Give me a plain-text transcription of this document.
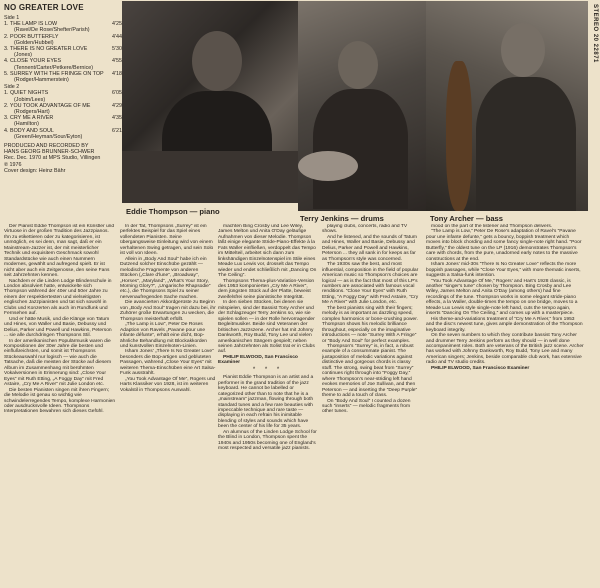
NO GREATER LOVE
Side 1
1. THE LAMP IS LOW	4'25
(Ravel/De Rose/Shefter/Parish)
2. POOR BUTTERFLY	4'44
(Golden/Hubbel)
3. THERE IS NO GREATER LOVE	5'30
(Jones)
4. CLOSE YOUR EYES	4'55
(Tennent/Carter/Petkere/Bernice)
5. SURREY WITH THE FRINGE ON TOP	4'18
(Rodger/Hammerstein)
Side 2
1. QUIET NIGHTS	6'05
(Jobim/Lees)
2. YOU TOOK ADVANTAGE OF ME	4'29
(Rodgers/Hart)
3. CRY ME A RIVER	4'35
(Hamilton)
4. BODY AND SOUL	6'21
(Green/Heyman/Sour/Eyton)
PRODUCED AND RECORDED BY
HANS GEORG BRUNNER-SCHWER
Rec. Dec. 1970 at MPS Studio, Villingen
℗ 1976
Cover design: Heinz Bähr
Eddie Thompson — piano
Terry Jenkins — drums	Tony Archer — bass

Der Pianist Eddie Thompson ist ein Künstler und Virtuose in der großen Tradition des Jazzpianos. Ihn zu etikettieren oder zu kategorisieren, ist unmöglich, es sei denn, man sagt, daß er ein Mainstream-Jazzer ist, der mit meisterlicher Technik und exquisitem Geschmack sowohl Standardstücke wie auch einen Nummern modernes, gewählt und aufregend spielt. Er ist nicht aber auch ein Zeitgenosse, den seine Fans seit Jahrzehnten kennen.

Nachdem er die Linden Lodge Blindenschule in London absolviert hatte, entwickelte sich Thompson während der 40er und 50er Jahre zu einem der respektiertesten und vielseitigsten englischen Jazzpianisten und tat sich sowohl in Clubs und Konzerten als auch im Rundfunk und Fernsehen auf.

Und er hätte Musik, und die Klänge von Tatum und Hines, von Waller und Basie, Debussy und Delius, Parker und Powell und Hawkins, Peterson ... sie alle durchdringen Thompsons Stil.

In der amerikanischen Populärmusik waren die Kompositionen der 30er Jahre die besten und einflußreichsten, und somit ist Thompsons Stückeauswahl nur logisch — wie auch die Tatsache, daß die meisten der Stücke auf diesem Album im Zusammenhang mit berühmten Vokalversionen in Erinnerung sind: „Close Your Eyes“ mit Ruth Etting, „A Foggy Day“ mit Fred Astaire, „Cry Me A River“ mit Julie London etc.

Die besten Pianisten singen mit ihren Fingern; die Melodie ist genau so wichtig wie schwindelerregendes Tempo, komplexe Harmonien oder ausdrucksvolle Ideen. Thompsons Interpretationen bewahren sich dieses Gefühl.

In der Tat, Thompsons „Surrey“ ist ein perfektes Beispiel für das Spiel eines vollendeten Pianisten. Seine übergangsweise Einleitung wird von einem verhaltenen Swing getragen, und sein Solo ist voll von Ideen.

Allein in „Body And Soul“ habe ich ein Dutzend solcher Einschübe gezählt — melodische Fragmente von anderen Stücken („Clare d'lune“, „Broadway“, „Horses“, „Maryland“, „What's Your Story, Morning Glory?“, „Ungarische Rhapsodie“ etc.), die Thompsons Spiel zu seiner nervenaufregenden Sache machen.

Die avancierten Akkordgerüste zu Beginn von „Body And Soul“ tragen mit dazu bei, ihr Zuhörer große Erwartungen zu wecken, die Thompson meisterhaft erfüllt.

„The Lamp is Low“, Peter De Roses Adaption von Ravels „Pavane pour une infante défunte“, erhält eine dicht, Bop-ähnliche Behandlung mit Blockakkorden und kunstvollen Einzelnoten-Linien.

Isham Jones' „There Is No Greater Love“ besonders die Bop-artigen und gebluteten Passagen, während „Close Your Eyes“ mit weiteren Thema-Einschüben eine Art Salsa-Funk ausstrahlt.

„You Took Advantage Of Me“, Rogers und Harts Klassiker von 1928, ist im weiteren Vokalstil in Thompsons Auswahl.

machten Bing Crosby und Lee Wiley, James Melton und Anita O'Day geläufige Aufnahmen von dieser Melodie. Thompson läßt einige elegante Stride-Piano-Effekte à la Fats Waller einfließen, verdoppelt das Tempo im Mittelteil, arbeitet sich dann zum linkshändigen Einzelnotenspiel im Stile eines Meade Lux Lewis vor, drosselt das Tempo wieder und endet schließlich mit „Dancing On The Ceiling“.

Thompsons Thema-plus-Variation-Version des 1953 komponierten „Cry Me A River“, dem jüngsten Stück auf der Platte, beweist zweifelsfrei seine pianistische Integrität.

In den sieben Stücken, bei denen sie mitspielen, sind der Bassist Tony Archer und der Schlagzeuger Terry Jenkins so, wie sie spielen sollen — in der Rolle hervorragender Begleitmusiker. Beide sind Veteranen der britischen Jazzszene. Archer hat mit Johnny Dankworth, Roy Budd, Tony Lee und vielen amerikanischen Sängern gespielt; neben seinen Jahrzehnten als Solist trat er in Clubs auf.

PHILIP ELWOOD, San Francisco Examiner

* * *

Pianist Eddie Thompson is an artist and a performer in the grand tradition of the jazz keyboard. He cannot be labelled or categorized other than to note that he is a „mainstream“ jazzman, flowing through both standard tunes and a few rare beauties with impeccable technique and rare taste — displaying in each refrain his inimitable blending of styles and sounds which have been the center of his life for 35 years.

An alumnus of the Linden Lodge School for the Blind in London, Thompson spent the 1940s and 1950s becoming one of England's most respected and versatile jazz pianists.

playing clubs, concerts, radio and TV shows.

And he listened, and the sounds of Tatum and Hines, Waller and Basie, Debussy and Delius, Parker and Powell and Hawkins, Peterson ... they all sank in for keeps as far as Thompson's style was concerned.

The 1930s saw the best, and most influential, composition in the field of popular American music so Thompson's choices are logical — as is the fact that most of this LP's numbers are associated with famous vocal renditions. “Close Your Eyes” with Ruth Etting, “A Foggy Day” with Fred Astaire, “Cry Me A River” with Julie London, etc.

The best pianists sing with their fingers; melody is as important as dazzling speed, complex harmonics or bone-crushing power. Thompson shows his melodic brilliance throughout, especially on the imaginative introductions — note “Surrey With A Fringe” or “Body And Soul” for perfect examples.

Thompson's “Surrey” is, in fact, a robust example of a consummate pianist. The juxtaposition of melodic variations against distinctive and gorgeous chords is classy stuff. The strong, swing beat from “Surrey” continues right through into “Foggy Day,” where Thompson's near-striding left hand evokes memories of Joe Sullivan, and then Peterson — and inserting the “Deep Purple” theme to add a touch of class.

On “Body And Soul” I counted a dozen such “inserts” — melodic fragments from other tunes.

mood on the part of the listener and Thompson delivers.

“The Lamp is Low,” Peter De Rose's adaptation of Ravel's “Pavane pour une infante defunte,” gets a bouncy, boppish treatment which moves into block chording and some fancy single-note right hand. “Poor Butterfly,” the oldest tune on the LP (1916) demonstrates Thompson's care with chords, from the pure, unadorned early notes to the massive constructions at the end.

Isham Jones' mid-30s “There Is No Greater Love” reflects the more boppish passages, while “Close Your Eyes,” with more thematic inserts, suggests a Salsa-funk intention.

“You Took Advantage Of Me,” Rogers' and Hart's 1928 classic, is another “singer's tune” chosen by Thompson. Bing Crosby and Lee Wiley, James Melton and Anita O'Day (among others) had fine recordings of the tune. Thompson works in some elegant stride-piano effects, a la Waller, double-times the tempo on one bridge, moves to a Meade Lux Lewis style single-note left hand, cuts the tempo again, inserts “Dancing On The Ceiling,” and comes up with a masterpiece.

His theme-and-variations treatment of “Cry Me A River,” from 1953 and the disc's newest tune, gives ample demonstration of the Thompson keyboard integrity.

On the seven numbers to which they contribute bassist Tony Archer and drummer Terry Jenkins perform as they should — in well done accompaniment roles. Both are veterans of the British jazz scene. Archer has worked with Johnny Dankworth, Roy Budd, Tony Lee and many American singers; Jenkins, beside comparable club work, has extensive radio and TV studio credits.

PHILIP ELWOOD, San Francisco Examiner

STEREO 20 22871
